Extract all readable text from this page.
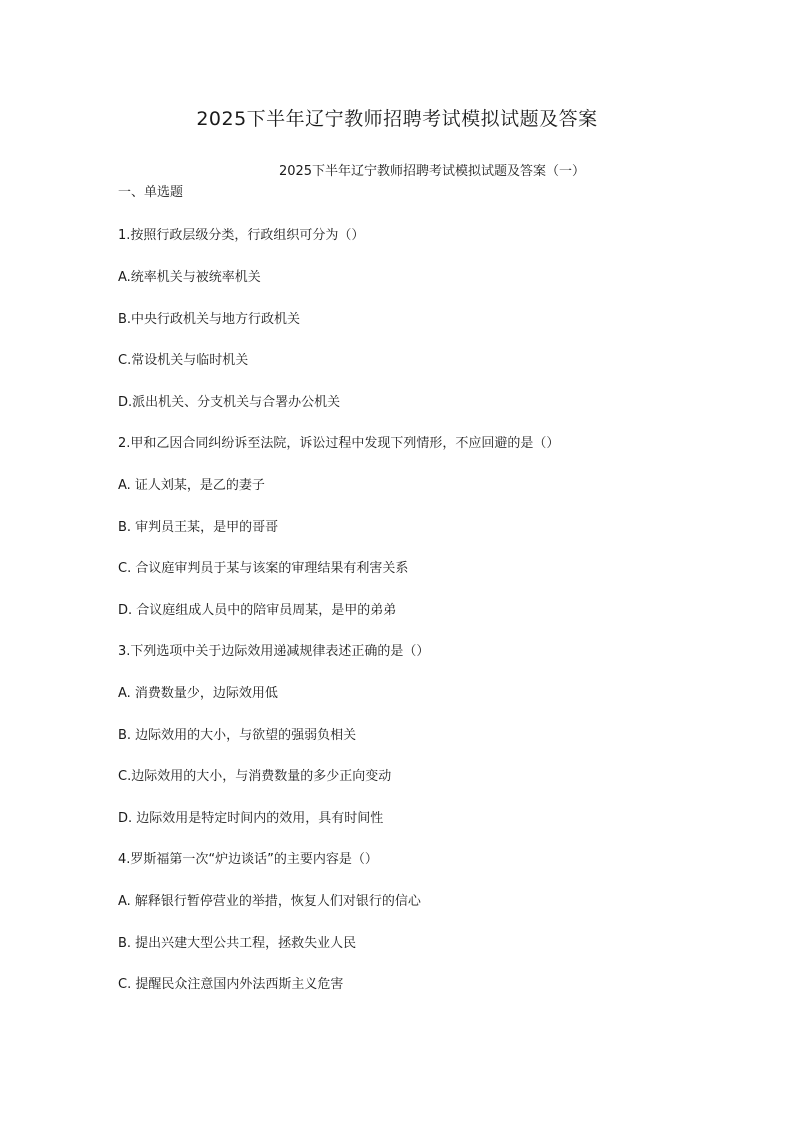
2025下半年辽宁教师招聘考试模拟试题及答案
2025下半年辽宁教师招聘考试模拟试题及答案（一）
一、单选题
1.按照行政层级分类，行政组织可分为（）
A.统率机关与被统率机关
B.中央行政机关与地方行政机关
C.常设机关与临时机关
D.派出机关、分支机关与合署办公机关
2.甲和乙因合同纠纷诉至法院，诉讼过程中发现下列情形，不应回避的是（）
A. 证人刘某，是乙的妻子
B. 审判员王某，是甲的哥哥
C. 合议庭审判员于某与该案的审理结果有利害关系
D. 合议庭组成人员中的陪审员周某，是甲的弟弟
3.下列选项中关于边际效用递减规律表述正确的是（）
A. 消费数量少，边际效用低
B. 边际效用的大小，与欲望的强弱负相关
C.边际效用的大小，与消费数量的多少正向变动
D. 边际效用是特定时间内的效用，具有时间性
4.罗斯福第一次“炉边谈话”的主要内容是（）
A. 解释银行暂停营业的举措，恢复人们对银行的信心
B. 提出兴建大型公共工程，拯救失业人民
C. 提醒民众注意国内外法西斯主义危害
